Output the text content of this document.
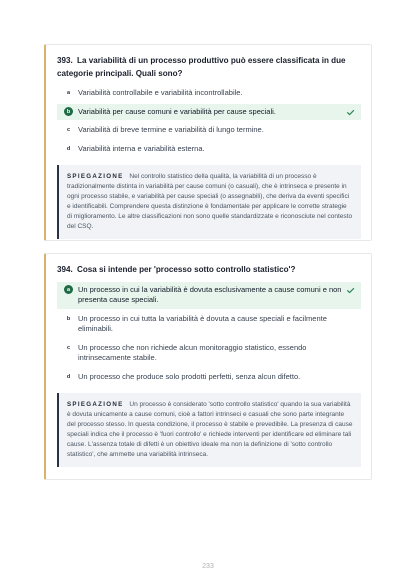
393. La variabilità di un processo produttivo può essere classificata in due categorie principali. Quali sono?
a	Variabilità controllabile e variabilità incontrollabile.
b	Variabilità per cause comuni e variabilità per cause speciali.
c	Variabilità di breve termine e variabilità di lungo termine.
d	Variabilità interna e variabilità esterna.
SPIEGAZIONE Nel controllo statistico della qualità, la variabilità di un processo è tradizionalmente distinta in variabilità per cause comuni (o casuali), che è intrinseca e presente in ogni processo stabile, e variabilità per cause speciali (o assegnabili), che deriva da eventi specifici e identificabili. Comprendere questa distinzione è fondamentale per applicare le corrette strategie di miglioramento. Le altre classificazioni non sono quelle standardizzate e riconosciute nel contesto del CSQ.
394. Cosa si intende per 'processo sotto controllo statistico'?
a	Un processo in cui la variabilità è dovuta esclusivamente a cause comuni e non presenta cause speciali.
b	Un processo in cui tutta la variabilità è dovuta a cause speciali e facilmente eliminabili.
c	Un processo che non richiede alcun monitoraggio statistico, essendo intrinsecamente stabile.
d	Un processo che produce solo prodotti perfetti, senza alcun difetto.
SPIEGAZIONE Un processo è considerato 'sotto controllo statistico' quando la sua variabilità è dovuta unicamente a cause comuni, cioè a fattori intrinseci e casuali che sono parte integrante del processo stesso. In questa condizione, il processo è stabile e prevedibile. La presenza di cause speciali indica che il processo è 'fuori controllo' e richiede interventi per identificare ed eliminare tali cause. L'assenza totale di difetti è un obiettivo ideale ma non la definizione di 'sotto controllo statistico', che ammette una variabilità intrinseca.
233
